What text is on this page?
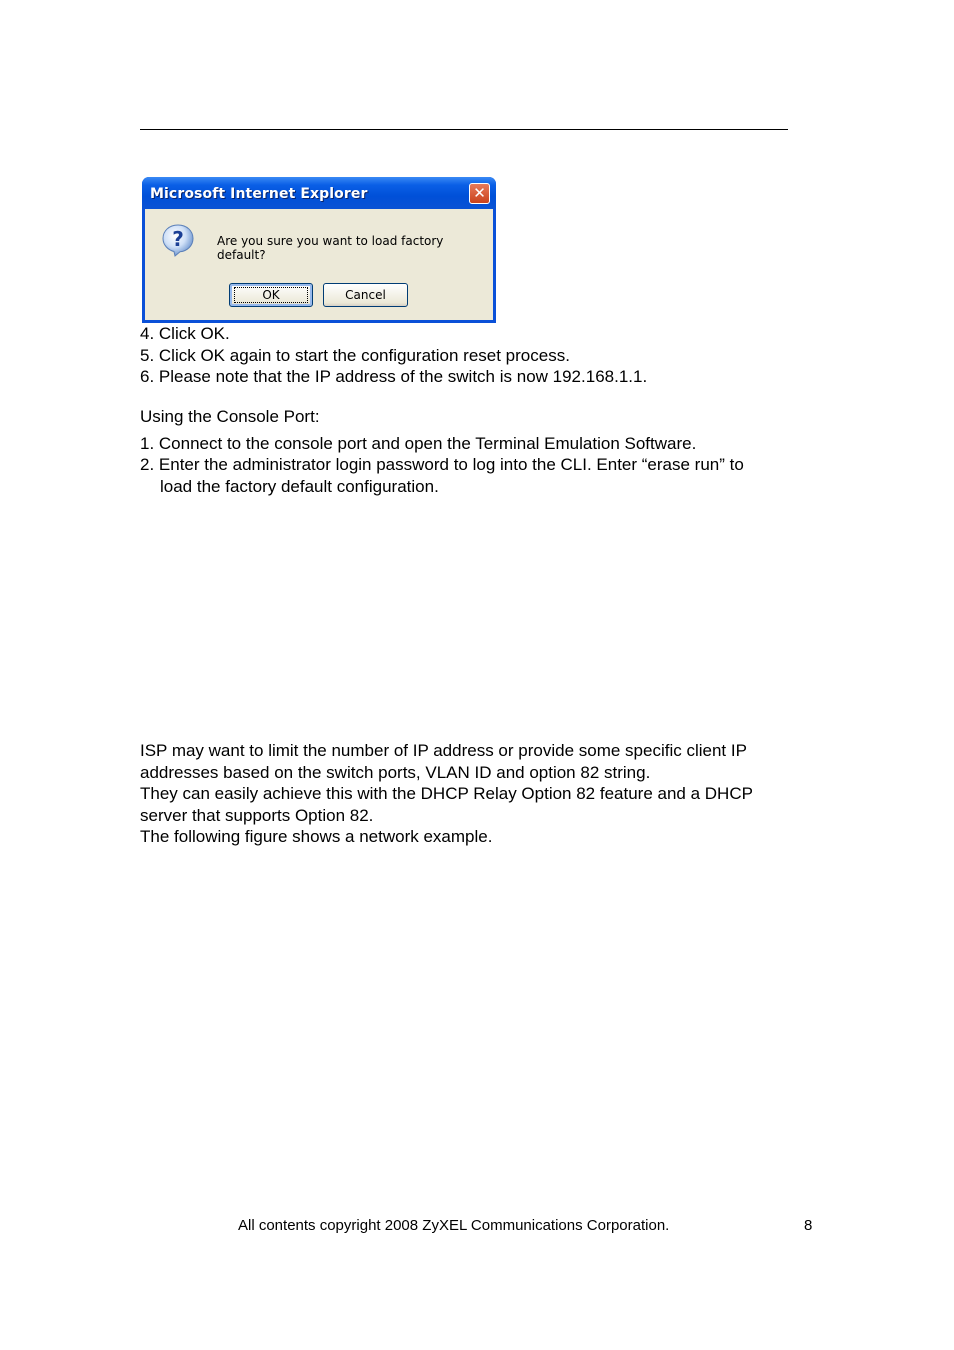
Microsoft Internet Explorer	✕
?	Are you sure you want to load factory default?
OK	Cancel
4. Click OK.
5. Click OK again to start the configuration reset process.
6. Please note that the IP address of the switch is now 192.168.1.1.
Using the Console Port:
1. Connect to the console port and open the Terminal Emulation Software.
2. Enter the administrator login password to log into the CLI. Enter “erase run” to
load the factory default configuration.
ISP may want to limit the number of IP address or provide some specific client IP
addresses based on the switch ports, VLAN ID and option 82 string.
They can easily achieve this with the DHCP Relay Option 82 feature and a DHCP
server that supports Option 82.
The following figure shows a network example.
All contents copyright 2008 ZyXEL Communications Corporation.	8
